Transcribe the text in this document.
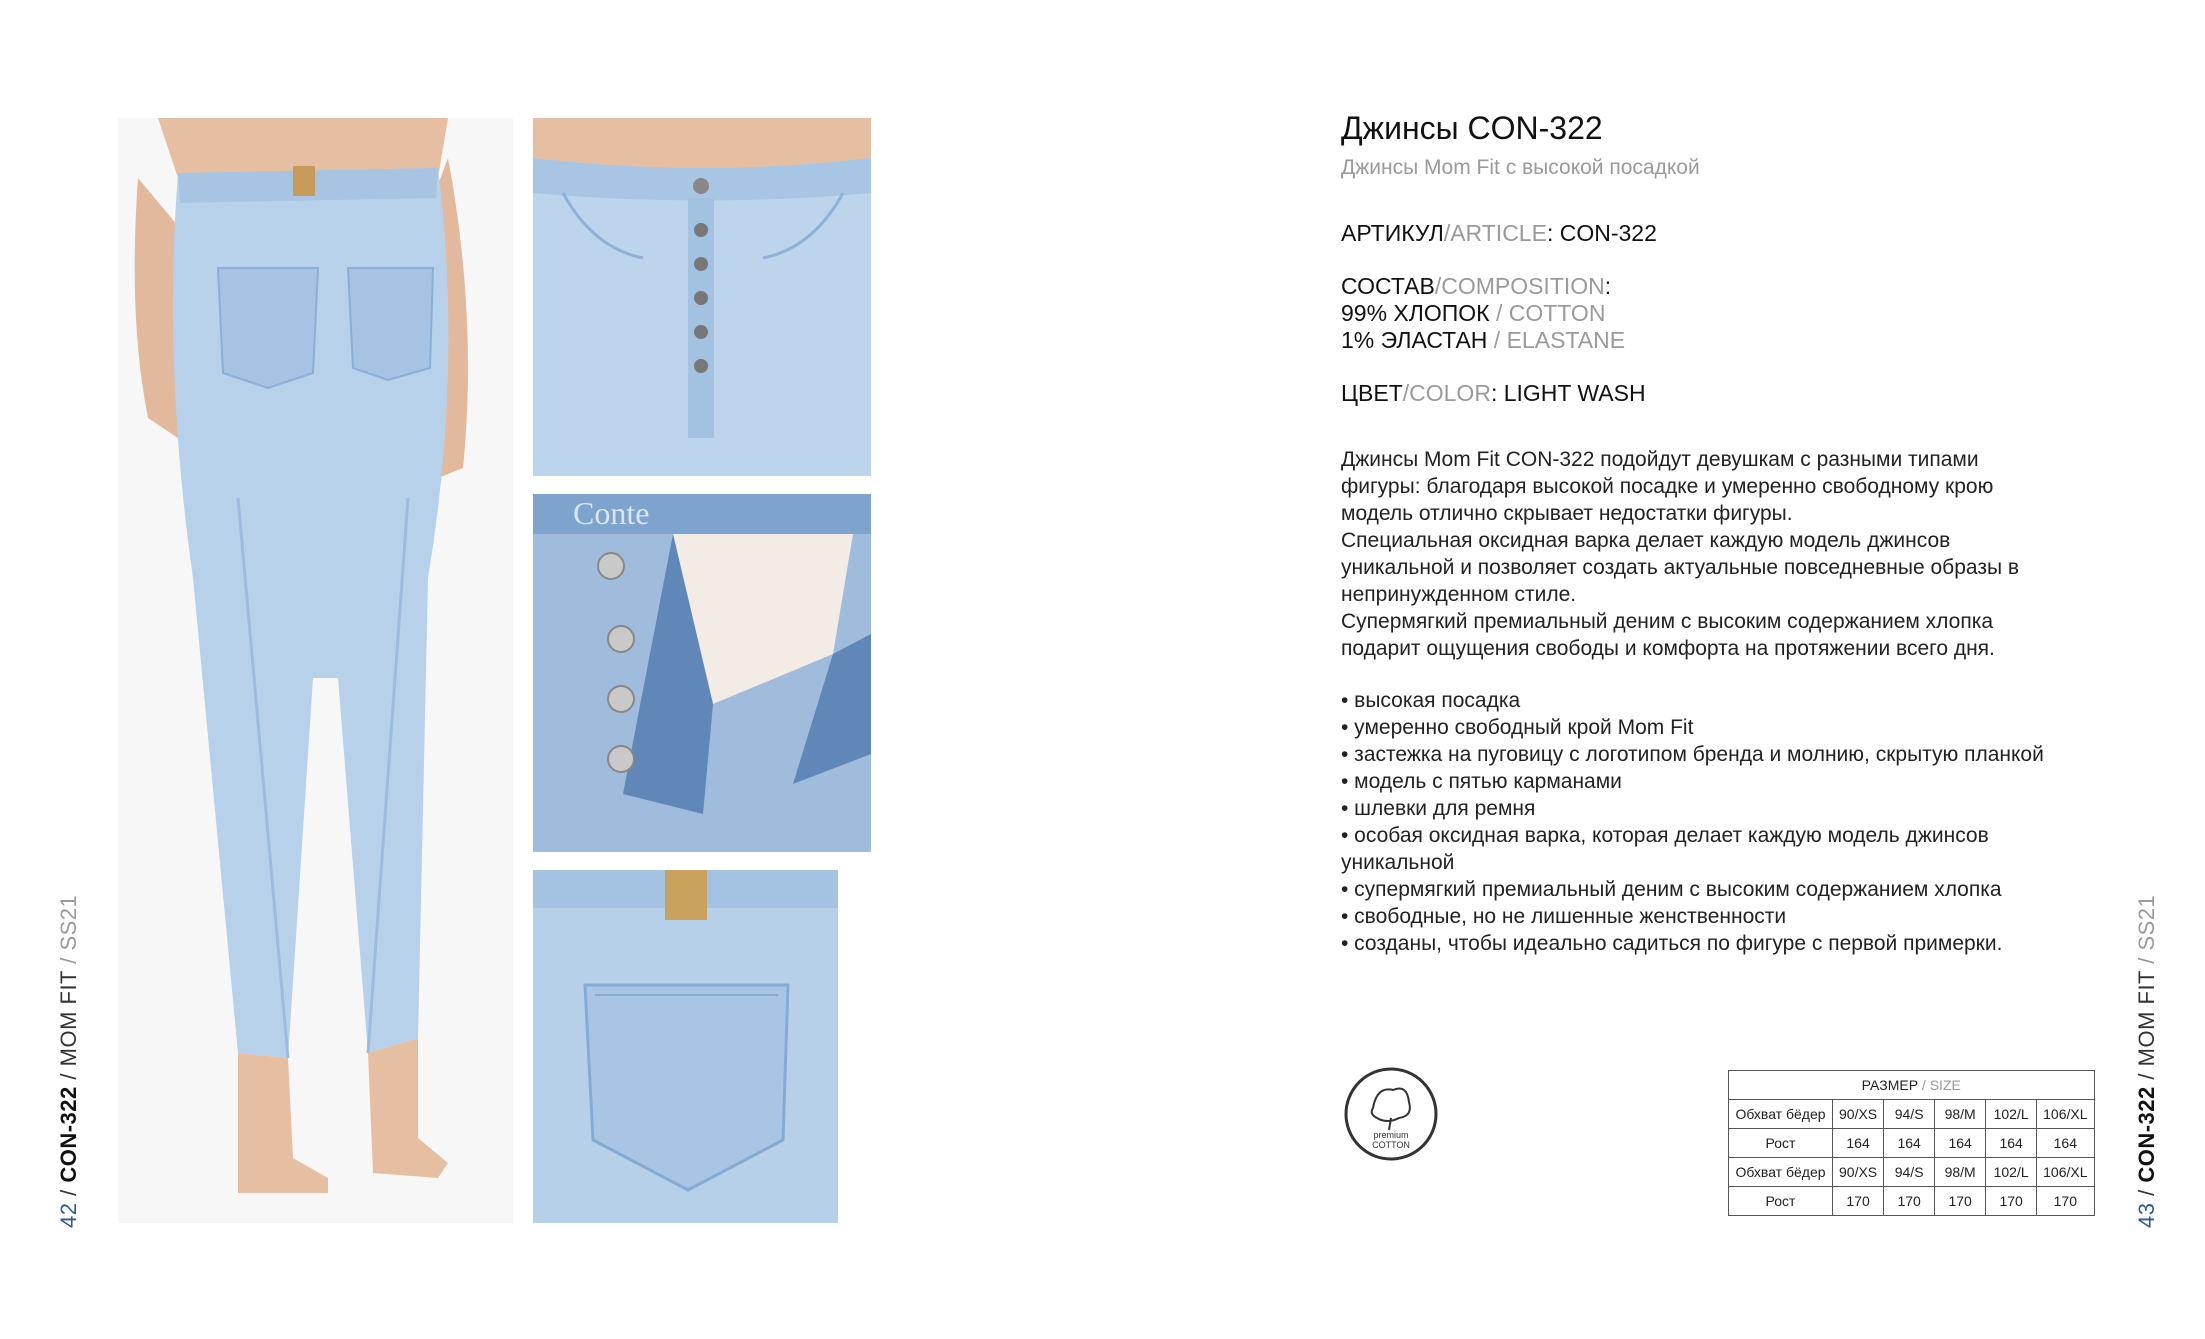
Conte
42 / CON-322 / MOM FIT / SS21
43 / CON-322 / MOM FIT / SS21
Джинсы CON-322
Джинсы Mom Fit с высокой посадкой
АРТИКУЛ/ARTICLE: CON-322
СОСТАВ/COMPOSITION:
99% ХЛОПОК / COTTON
1% ЭЛАСТАН / ELASTANE
ЦВЕТ/COLOR: LIGHT WASH
Джинсы Mom Fit CON-322 подойдут девушкам с разными типами
фигуры: благодаря высокой посадке и умеренно свободному крою
модель отлично скрывает недостатки фигуры.
Специальная оксидная варка делает каждую модель джинсов
уникальной и позволяет создать актуальные повседневные образы в
непринужденном стиле.
Супермягкий премиальный деним с высоким содержанием хлопка
подарит ощущения свободы и комфорта на протяжении всего дня.
• высокая посадка
• умеренно свободный крой Mom Fit
• застежка на пуговицу с логотипом бренда и молнию, скрытую планкой
• модель с пятью карманами
• шлевки для ремня
• особая оксидная варка, которая делает каждую модель джинсов
уникальной
• супермягкий премиальный деним с высоким содержанием хлопка
• свободные, но не лишенные женственности
• созданы, чтобы идеально садиться по фигуре с первой примерки.
premium
COTTON
РАЗМЕР / SIZE					
Обхват бёдер	90/XS	94/S	98/M	102/L	106/XL
Рост	164	164	164	164	164
Обхват бёдер	90/XS	94/S	98/M	102/L	106/XL
Рост	170	170	170	170	170
